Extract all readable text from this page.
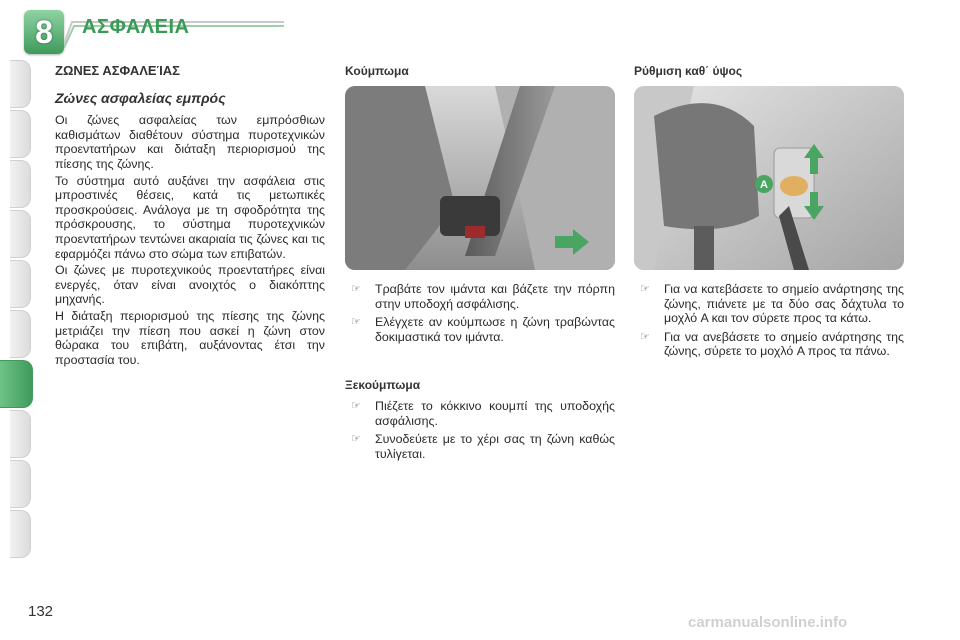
8 ΑΣΦΑΛΕΙΑ
ΖΩΝΕΣ ΑΣΦΑΛΕΊΑΣ
Ζώνες ασφαλείας εμπρός

Οι ζώνες ασφαλείας των εμπρόσθιων καθισμάτων διαθέτουν σύστημα πυροτεχνικών προεντατήρων και διάταξη περιορισμού της πίεσης της ζώνης.

Το σύστημα αυτό αυξάνει την ασφάλεια στις μπροστινές θέσεις, κατά τις μετωπικές προσκρούσεις. Ανάλογα με τη σφοδρότητα της πρόσκρουσης, το σύστημα πυροτεχνικών προεντατήρων τεντώνει ακαριαία τις ζώνες και τις εφαρμόζει πάνω στο σώμα των επιβατών.

Οι ζώνες με πυροτεχνικούς προεντατήρες είναι ενεργές, όταν είναι ανοιχτός ο διακόπτης μηχανής.

Η διάταξη περιορισμού της πίεσης της ζώνης μετριάζει την πίεση που ασκεί η ζώνη στον θώρακα του επιβάτη, αυξάνοντας έτσι την προστασία του.

Κούμπωμα
☞	Τραβάτε τον ιμάντα και βάζετε την πόρπη στην υποδοχή ασφάλισης.
☞	Ελέγχετε αν κούμπωσε η ζώνη τραβώντας δοκιμαστικά τον ιμάντα.
Ξεκούμπωμα
☞	Πιέζετε το κόκκινο κουμπί της υποδοχής ασφάλισης.
☞	Συνοδεύετε με το χέρι σας τη ζώνη καθώς τυλίγεται.
Ρύθμιση καθ΄ ύψος
A
☞	Για να κατεβάσετε το σημείο ανάρτησης της ζώνης, πιάνετε με τα δύο σας δάχτυλα το μοχλό A και τον σύρετε προς τα κάτω.
☞	Για να ανεβάσετε το σημείο ανάρτησης της ζώνης, σύρετε το μοχλό A προς τα πάνω.
132
carmanualsonline.info
